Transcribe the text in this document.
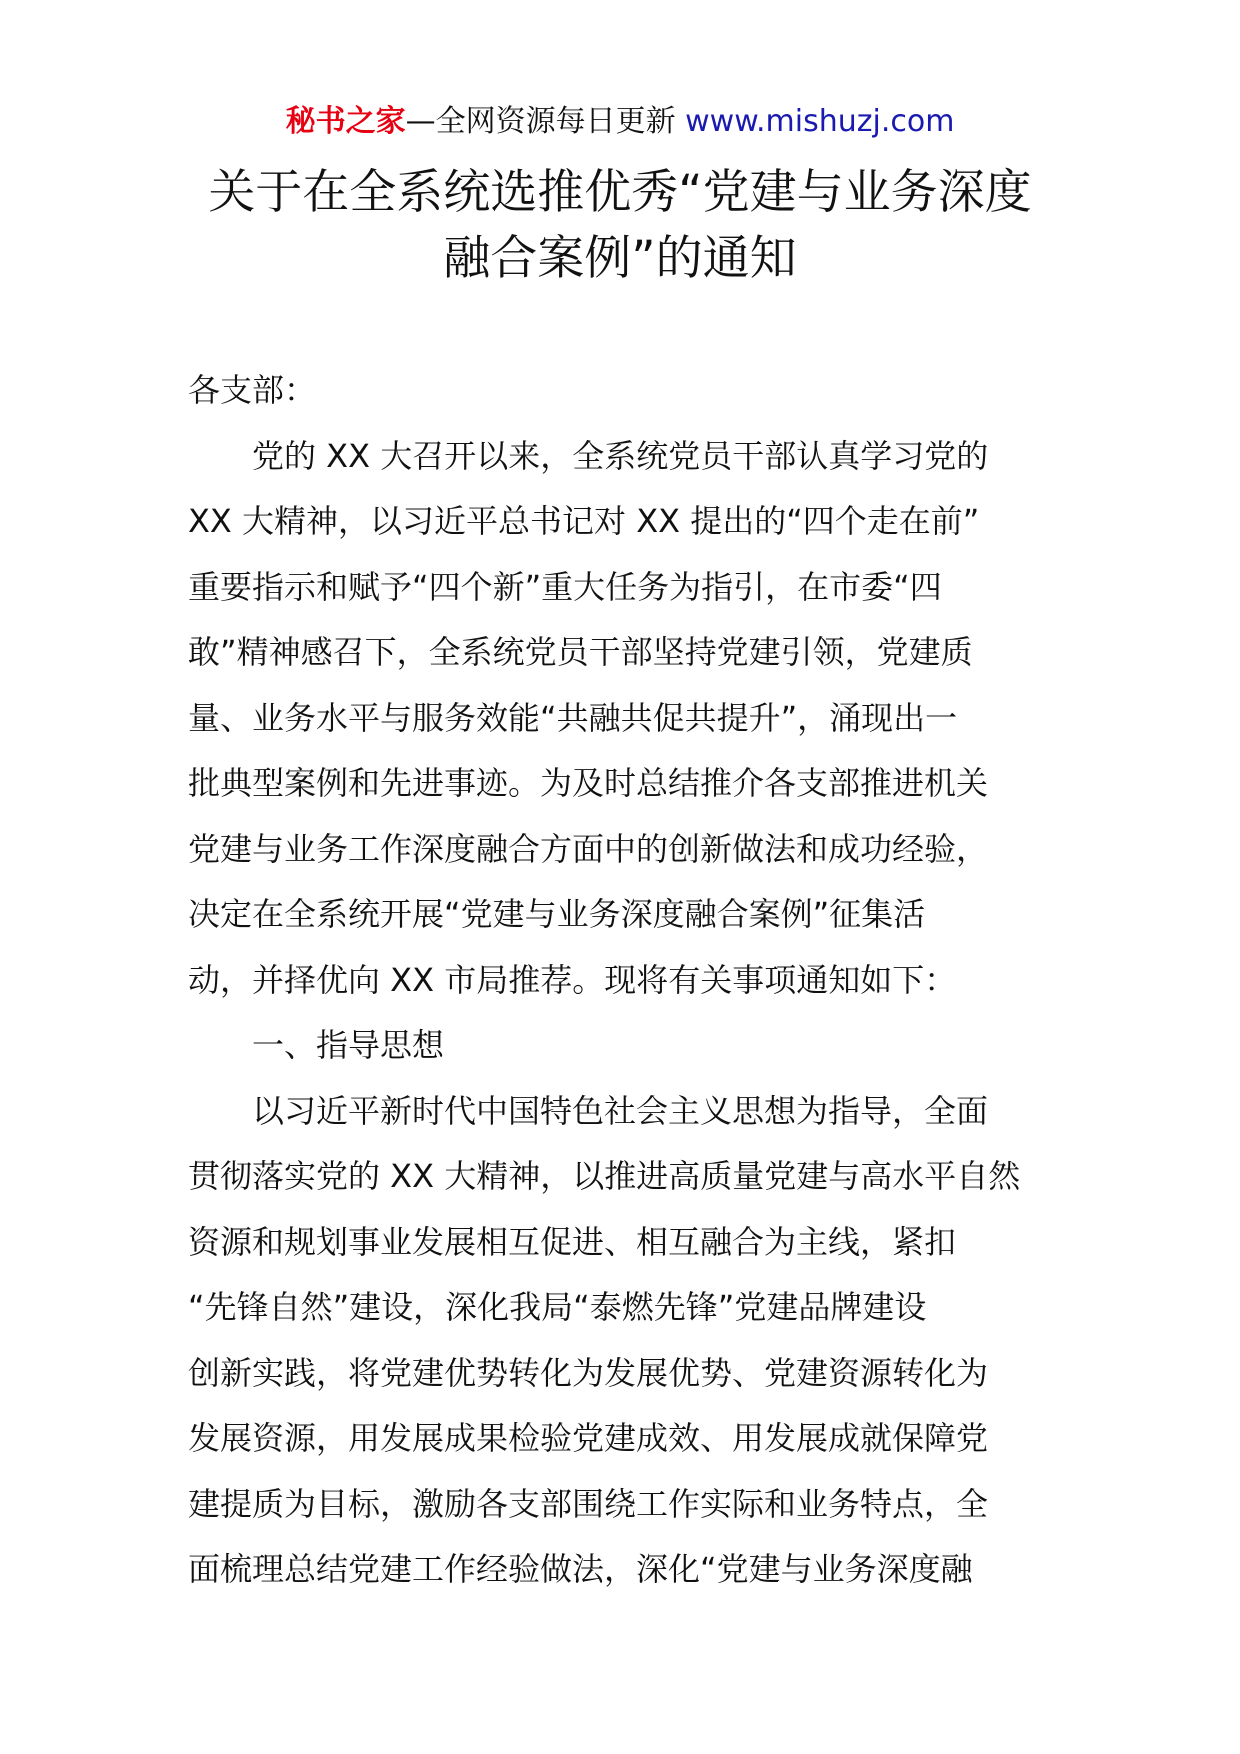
秘书之家—全网资源每日更新 www.mishuzj.com
关于在全系统选推优秀“党建与业务深度
融合案例”的通知

各支部：

党的 XX 大召开以来，全系统党员干部认真学习党的
XX 大精神，以习近平总书记对 XX 提出的“四个走在前”
重要指示和赋予“四个新”重大任务为指引，在市委“四
敢”精神感召下，全系统党员干部坚持党建引领，党建质
量、业务水平与服务效能“共融共促共提升”，涌现出一
批典型案例和先进事迹。为及时总结推介各支部推进机关
党建与业务工作深度融合方面中的创新做法和成功经验，
决定在全系统开展“党建与业务深度融合案例”征集活
动，并择优向 XX 市局推荐。现将有关事项通知如下：
一、指导思想
以习近平新时代中国特色社会主义思想为指导，全面
贯彻落实党的 XX 大精神，以推进高质量党建与高水平自然
资源和规划事业发展相互促进、相互融合为主线，紧扣
“先锋自然”建设，深化我局“泰燃先锋”党建品牌建设
创新实践，将党建优势转化为发展优势、党建资源转化为
发展资源，用发展成果检验党建成效、用发展成就保障党
建提质为目标，激励各支部围绕工作实际和业务特点，全
面梳理总结党建工作经验做法，深化“党建与业务深度融
